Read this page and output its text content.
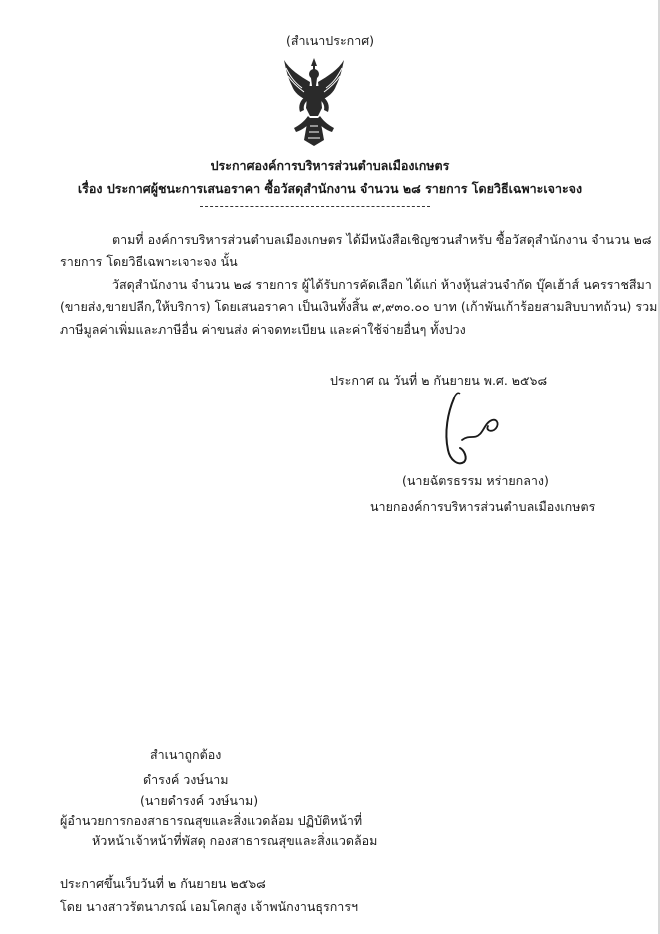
(สำเนาประกาศ)
ประกาศองค์การบริหารส่วนตำบลเมืองเกษตร
เรื่อง ประกาศผู้ชนะการเสนอราคา ซื้อวัสดุสำนักงาน จำนวน ๒๘ รายการ โดยวิธีเฉพาะเจาะจง
ตามที่ องค์การบริหารส่วนตำบลเมืองเกษตร ได้มีหนังสือเชิญชวนสำหรับ ซื้อวัสดุสำนักงาน จำนวน ๒๘
รายการ โดยวิธีเฉพาะเจาะจง นั้น
วัสดุสำนักงาน จำนวน ๒๘ รายการ ผู้ได้รับการคัดเลือก ได้แก่ ห้างหุ้นส่วนจำกัด บุ๊คเฮ้าส์ นครราชสีมา
(ขายส่ง,ขายปลีก,ให้บริการ) โดยเสนอราคา เป็นเงินทั้งสิ้น ๙,๙๓๐.๐๐ บาท (เก้าพันเก้าร้อยสามสิบบาทถ้วน) รวม
ภาษีมูลค่าเพิ่มและภาษีอื่น ค่าขนส่ง ค่าจดทะเบียน และค่าใช้จ่ายอื่นๆ ทั้งปวง
ประกาศ ณ วันที่ ๒ กันยายน พ.ศ. ๒๕๖๘
(นายฉัตรธรรม หร่ายกลาง)
นายกองค์การบริหารส่วนตำบลเมืองเกษตร
สำเนาถูกต้อง
ดำรงค์ วงษ์นาม
(นายดำรงค์ วงษ์นาม)
ผู้อำนวยการกองสาธารณสุขและสิ่งแวดล้อม ปฏิบัติหน้าที่
หัวหน้าเจ้าหน้าที่พัสดุ กองสาธารณสุขและสิ่งแวดล้อม
ประกาศขึ้นเว็บวันที่ ๒ กันยายน ๒๕๖๘
โดย นางสาวรัตนาภรณ์ เอมโคกสูง เจ้าพนักงานธุรการฯ
